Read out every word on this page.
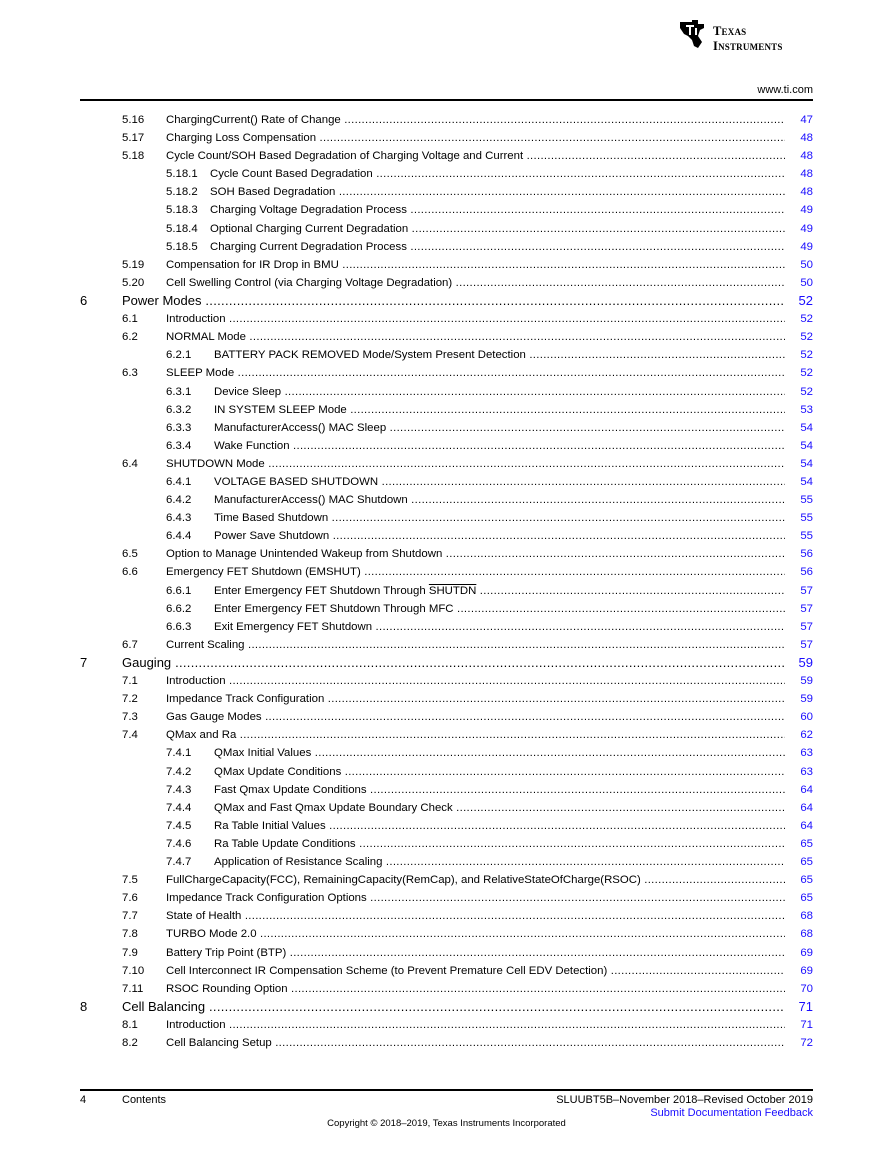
Texas
Instruments
www.ti.com
5.16 ChargingCurrent() Rate of Change .....	47
5.17 Charging Loss Compensation .....	48
5.18 Cycle Count/SOH Based Degradation of Charging Voltage and Current .....	48
5.18.1 Cycle Count Based Degradation .....	48
5.18.2 SOH Based Degradation .....	48
5.18.3 Charging Voltage Degradation Process .....	49
5.18.4 Optional Charging Current Degradation .....	49
5.18.5 Charging Current Degradation Process .....	49
5.19 Compensation for IR Drop in BMU .....	50
5.20 Cell Swelling Control (via Charging Voltage Degradation) .....	50
6	Power Modes .....	52
6.1 Introduction .....	52
6.2 NORMAL Mode .....	52
6.2.1 BATTERY PACK REMOVED Mode/System Present Detection .....	52
6.3 SLEEP Mode .....	52
6.3.1 Device Sleep .....	52
6.3.2 IN SYSTEM SLEEP Mode .....	53
6.3.3 ManufacturerAccess() MAC Sleep .....	54
6.3.4 Wake Function .....	54
6.4 SHUTDOWN Mode .....	54
6.4.1 VOLTAGE BASED SHUTDOWN .....	54
6.4.2 ManufacturerAccess() MAC Shutdown .....	55
6.4.3 Time Based Shutdown .....	55
6.4.4 Power Save Shutdown .....	55
6.5 Option to Manage Unintended Wakeup from Shutdown .....	56
6.6 Emergency FET Shutdown (EMSHUT) .....	56
6.6.1 Enter Emergency FET Shutdown Through SHUTDN .....	57
6.6.2 Enter Emergency FET Shutdown Through MFC .....	57
6.6.3 Exit Emergency FET Shutdown .....	57
6.7 Current Scaling .....	57
7	Gauging .....	59
7.1 Introduction .....	59
7.2 Impedance Track Configuration .....	59
7.3 Gas Gauge Modes .....	60
7.4 QMax and Ra .....	62
7.4.1 QMax Initial Values .....	63
7.4.2 QMax Update Conditions .....	63
7.4.3 Fast Qmax Update Conditions .....	64
7.4.4 QMax and Fast Qmax Update Boundary Check .....	64
7.4.5 Ra Table Initial Values .....	64
7.4.6 Ra Table Update Conditions .....	65
7.4.7 Application of Resistance Scaling .....	65
7.5 FullChargeCapacity(FCC), RemainingCapacity(RemCap), and RelativeStateOfCharge(RSOC) .....	65
7.6 Impedance Track Configuration Options .....	65
7.7 State of Health .....	68
7.8 TURBO Mode 2.0 .....	68
7.9 Battery Trip Point (BTP) .....	69
7.10 Cell Interconnect IR Compensation Scheme (to Prevent Premature Cell EDV Detection) .....	69
7.11 RSOC Rounding Option .....	70
8	Cell Balancing .....	71
8.1 Introduction .....	71
8.2 Cell Balancing Setup .....	72
4	Contents	SLUUBT5B–November 2018–Revised October 2019
Submit Documentation Feedback
Copyright © 2018–2019, Texas Instruments Incorporated
